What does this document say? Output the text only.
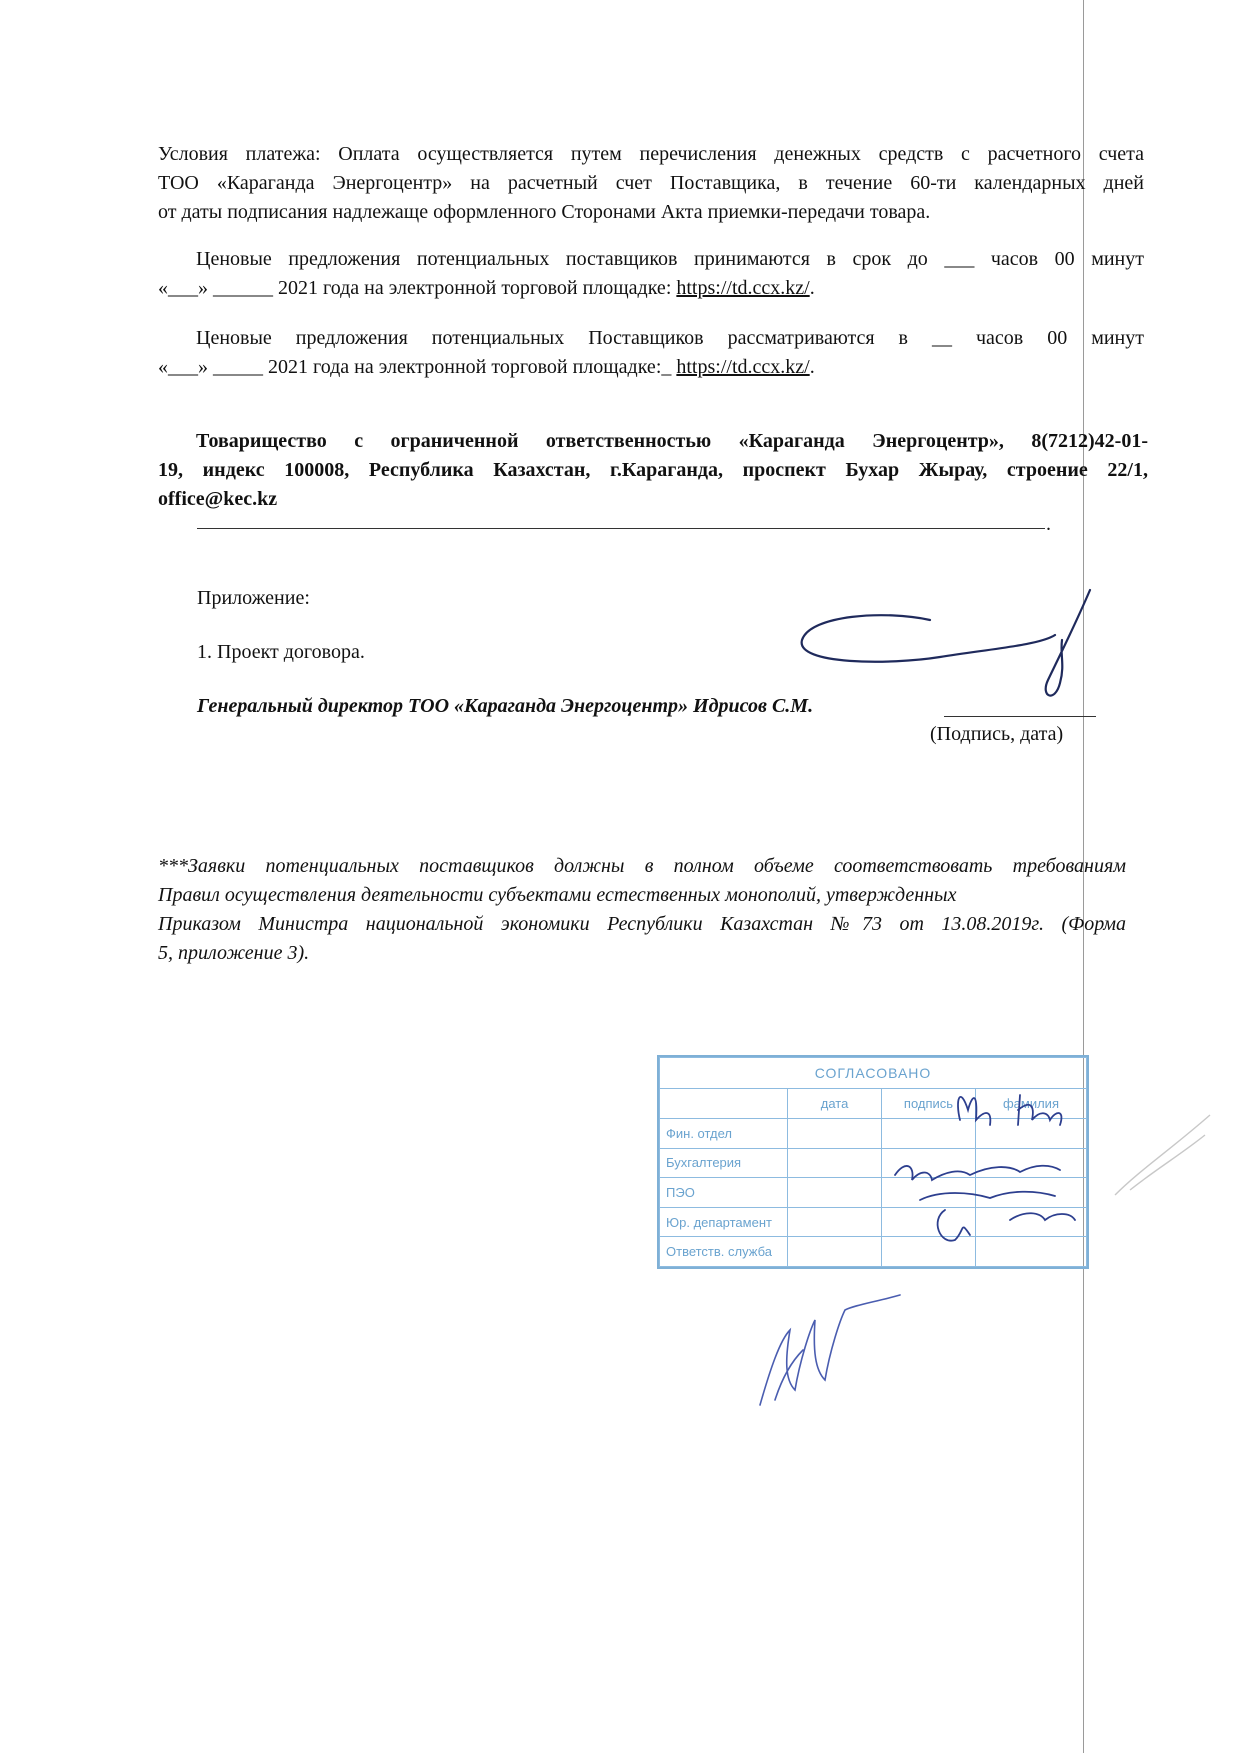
Условия платежа: Оплата осуществляется путем перечисления денежных средств с расчетного счета

ТОО «Караганда Энергоцентр» на расчетный счет Поставщика, в течение 60-ти календарных дней

от даты подписания надлежаще оформленного Сторонами Акта приемки-передачи товара.

Ценовые предложения потенциальных поставщиков принимаются в срок до ___ часов 00 минут

«___» ______ 2021 года на электронной торговой площадке: https://td.ccx.kz/.

Ценовые предложения потенциальных Поставщиков рассматриваются в __ часов 00 минут

«___» _____ 2021 года на электронной торговой площадке:_ https://td.ccx.kz/.

Товарищество с ограниченной ответственностью «Караганда Энергоцентр», 8(7212)42-01-

19, индекс 100008, Республика Казахстан, г.Караганда, проспект Бухар Жырау, строение 22/1,

office@kec.kz

.
Приложение:
1. Проект договора.
Генеральный директор ТОО «Караганда Энергоцентр» Идрисов С.М.
(Подпись, дата)

***Заявки потенциальных поставщиков должны в полном объеме соответствовать требованиям

Правил осуществления деятельности субъектами естественных монополий, утвержденных

Приказом Министра национальной экономики Республики Казахстан №73 от 13.08.2019г. (Форма

5, приложение 3).

СОГЛАСОВАНО			
	дата	подпись	фамилия
Фин. отдел			
Бухгалтерия			
ПЭО			
Юр. департамент			
Ответств. служба			
